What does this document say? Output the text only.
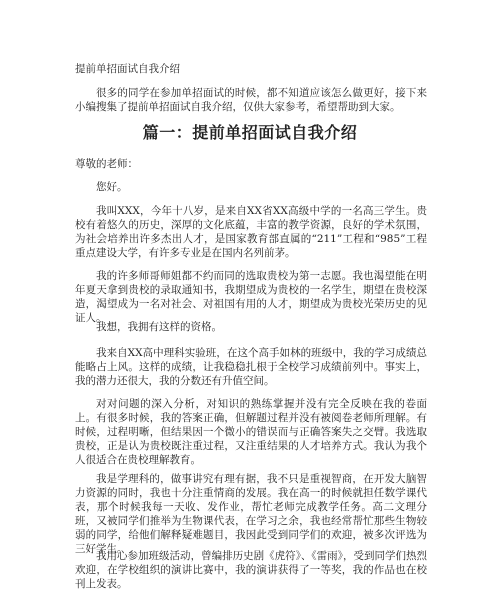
提前单招面试自我介绍
很多的同学在参加单招面试的时候，都不知道应该怎么做更好，接下来小编搜集了提前单招面试自我介绍，仅供大家参考，希望帮助到大家。
篇一：提前单招面试自我介绍
尊敬的老师：
您好。
我叫XXX，今年十八岁，是来自XX省XX高级中学的一名高三学生。贵校有着悠久的历史，深厚的文化底蕴，丰富的教学资源，良好的学术氛围，为社会培养出许多杰出人才，是国家教育部直属的“211”工程和“985”工程重点建设大学，有许多专业是在国内名列前茅。
我的许多师哥师姐都不约而同的选取贵校为第一志愿。我也渴望能在明年夏天拿到贵校的录取通知书，我期望成为贵校的一名学生，期望在贵校深造，渴望成为一名对社会、对祖国有用的人才，期望成为贵校光荣历史的见证人。
我想，我拥有这样的资格。
我来自XX高中理科实验班，在这个高手如林的班级中，我的学习成绩总能略占上风。这样的成绩，让我稳稳扎根于全校学习成绩前列中。事实上，我的潜力还很大，我的分数还有升值空间。
对对问题的深入分析，对知识的熟练掌握并没有完全反映在我的卷面上。有很多时候，我的答案正确，但解题过程并没有被阅卷老师所理解。有时候，过程明晰，但结果因一个微小的错误而与正确答案失之交臂。我选取贵校，正是认为贵校既注重过程，又注重结果的人才培养方式。我认为我个人很适合在贵校理解教育。
我是学理科的，做事讲究有理有据，我不只是重视智商，在开发大脑智力资源的同时，我也十分注重情商的发展。我在高一的时候就担任数学课代表，那个时候我每一天收、发作业，帮忙老师完成教学任务。高二文理分班，又被同学们推举为生物课代表，在学习之余，我也经常帮忙那些生物较弱的同学，给他们解释疑难题目，我因此受到同学们的欢迎，被多次评选为三好学生。
我用心参加班级活动，曾编排历史剧《虎符》、《雷雨》，受到同学们热烈欢迎，在学校组织的演讲比赛中，我的演讲获得了一等奖，我的作品也在校刊上发表。
